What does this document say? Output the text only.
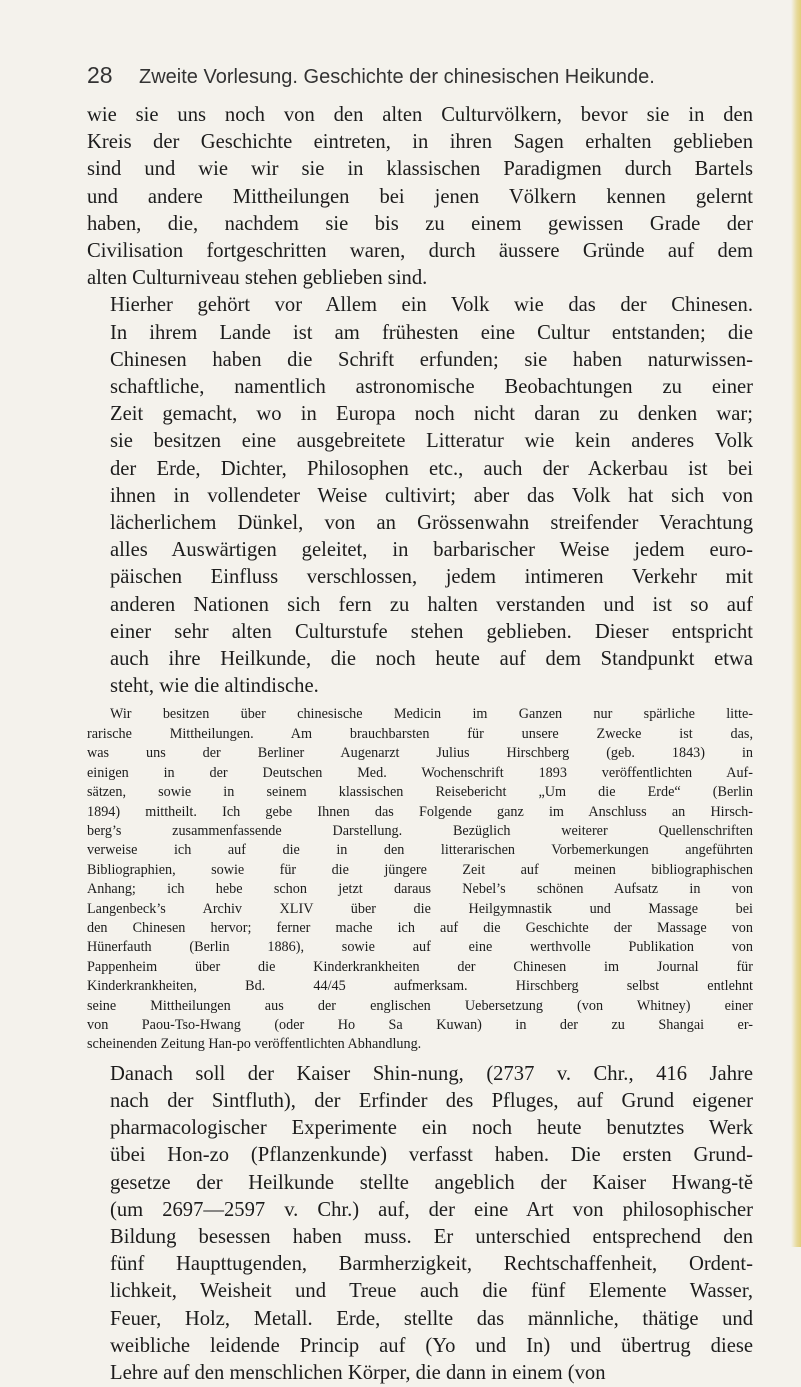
28 Zweite Vorlesung. Geschichte der chinesischen Heikunde.
wie sie uns noch von den alten Culturvölkern, bevor sie in den
Kreis der Geschichte eintreten, in ihren Sagen erhalten geblieben
sind und wie wir sie in klassischen Paradigmen durch Bartels
und andere Mittheilungen bei jenen Völkern kennen gelernt
haben, die, nachdem sie bis zu einem gewissen Grade der
Civilisation fortgeschritten waren, durch äussere Gründe auf dem
alten Culturniveau stehen geblieben sind.
Hierher gehört vor Allem ein Volk wie das der Chinesen.
In ihrem Lande ist am frühesten eine Cultur entstanden; die
Chinesen haben die Schrift erfunden; sie haben naturwissen-
schaftliche, namentlich astronomische Beobachtungen zu einer
Zeit gemacht, wo in Europa noch nicht daran zu denken war;
sie besitzen eine ausgebreitete Litteratur wie kein anderes Volk
der Erde, Dichter, Philosophen etc., auch der Ackerbau ist bei
ihnen in vollendeter Weise cultivirt; aber das Volk hat sich von
lächerlichem Dünkel, von an Grössenwahn streifender Verachtung
alles Auswärtigen geleitet, in barbarischer Weise jedem euro-
päischen Einfluss verschlossen, jedem intimeren Verkehr mit
anderen Nationen sich fern zu halten verstanden und ist so auf
einer sehr alten Culturstufe stehen geblieben. Dieser entspricht
auch ihre Heilkunde, die noch heute auf dem Standpunkt etwa
steht, wie die altindische.
Wir besitzen über chinesische Medicin im Ganzen nur spärliche litte-
rarische Mittheilungen. Am brauchbarsten für unsere Zwecke ist das,
was uns der Berliner Augenarzt Julius Hirschberg (geb. 1843) in
einigen in der Deutschen Med. Wochenschrift 1893 veröffentlichten Auf-
sätzen, sowie in seinem klassischen Reisebericht „Um die Erde“ (Berlin
1894) mittheilt. Ich gebe Ihnen das Folgende ganz im Anschluss an Hirsch-
berg’s zusammenfassende Darstellung. Bezüglich weiterer Quellenschriften
verweise ich auf die in den litterarischen Vorbemerkungen angeführten
Bibliographien, sowie für die jüngere Zeit auf meinen bibliographischen
Anhang; ich hebe schon jetzt daraus Nebel’s schönen Aufsatz in von
Langenbeck’s Archiv XLIV über die Heilgymnastik und Massage bei
den Chinesen hervor; ferner mache ich auf die Geschichte der Massage von
Hünerfauth (Berlin 1886), sowie auf eine werthvolle Publikation von
Pappenheim über die Kinderkrankheiten der Chinesen im Journal für
Kinderkrankheiten, Bd. 44/45 aufmerksam. Hirschberg selbst entlehnt
seine Mittheilungen aus der englischen Uebersetzung (von Whitney) einer
von Paou-Tso-Hwang (oder Ho Sa Kuwan) in der zu Shangai er-
scheinenden Zeitung Han-po veröffentlichten Abhandlung.
Danach soll der Kaiser Shin-nung, (2737 v. Chr., 416 Jahre
nach der Sintfluth), der Erfinder des Pfluges, auf Grund eigener
pharmacologischer Experimente ein noch heute benutztes Werk
übei Hon-zo (Pflanzenkunde) verfasst haben. Die ersten Grund-
gesetze der Heilkunde stellte angeblich der Kaiser Hwang-tĕ
(um 2697—2597 v. Chr.) auf, der eine Art von philosophischer
Bildung besessen haben muss. Er unterschied entsprechend den
fünf Haupttugenden, Barmherzigkeit, Rechtschaffenheit, Ordent-
lichkeit, Weisheit und Treue auch die fünf Elemente Wasser,
Feuer, Holz, Metall. Erde, stellte das männliche, thätige und
weibliche leidende Princip auf (Yo und In) und übertrug diese
Lehre auf den menschlichen Körper, die dann in einem (von
